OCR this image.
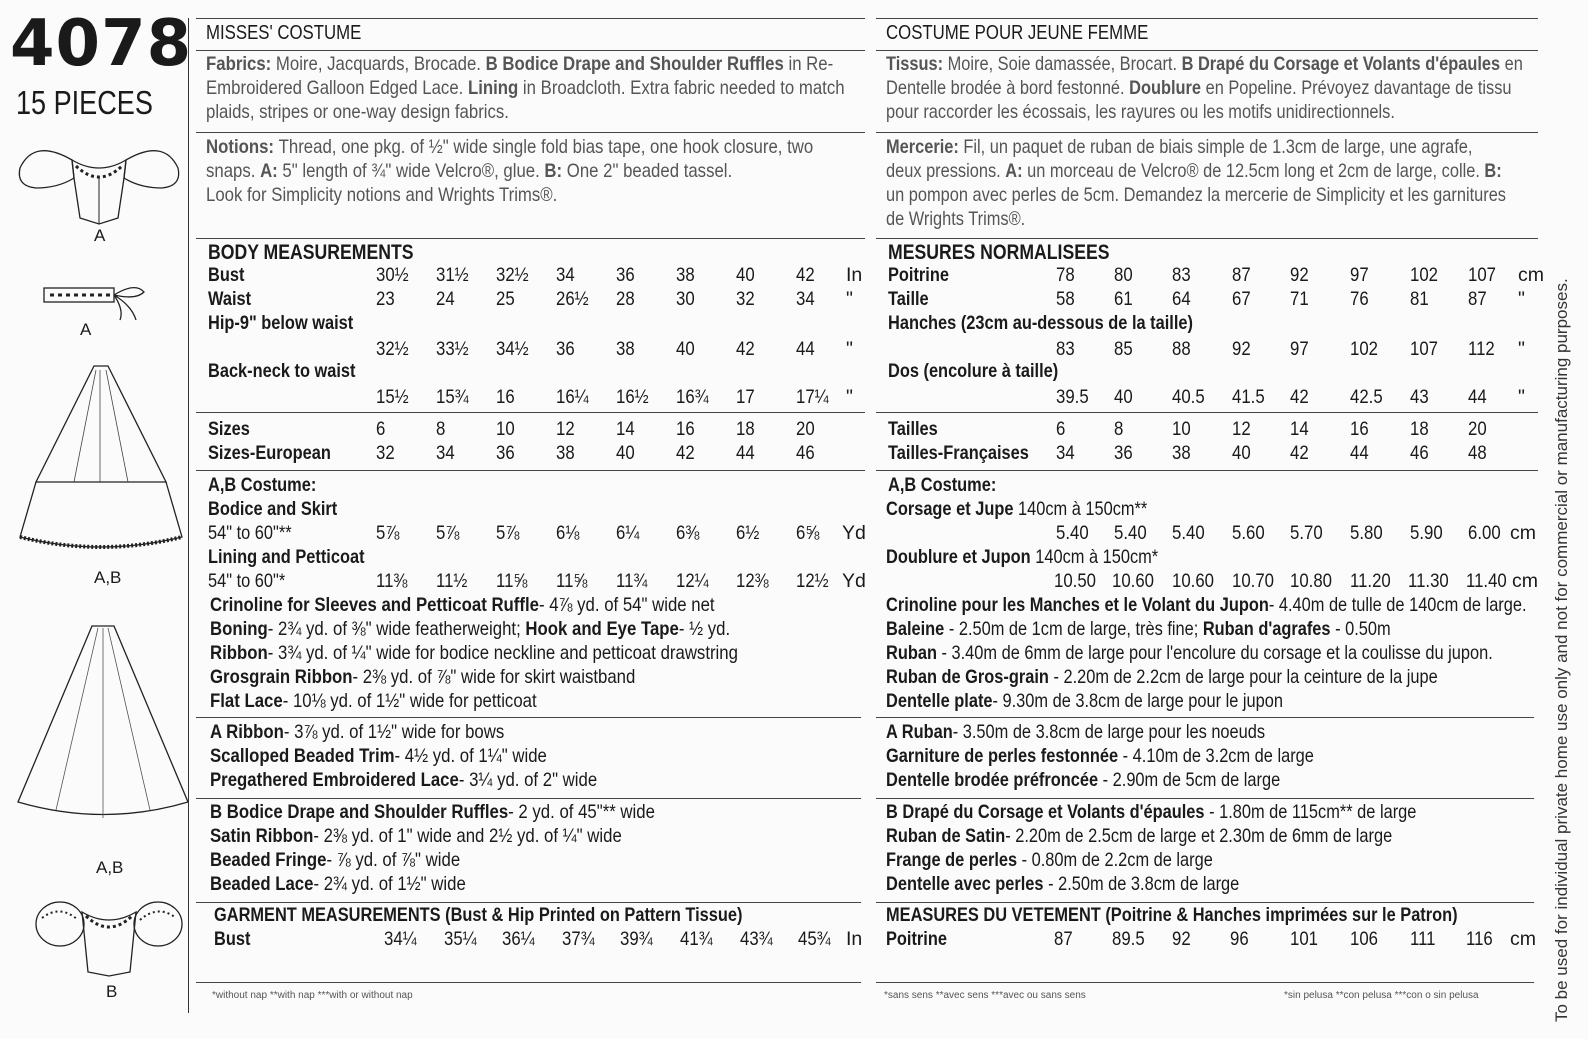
4078
15 PIECES
A
A
A,B
A,B
B
MISSES' COSTUME
Fabrics: Moire, Jacquards, Brocade. B Bodice Drape and Shoulder Ruffles in Re-
Embroidered Galloon Edged Lace. Lining in Broadcloth. Extra fabric needed to match
plaids, stripes or one-way design fabrics.
Notions: Thread, one pkg. of ½" wide single fold bias tape, one hook closure, two
snaps. A: 5" length of ¾" wide Velcro®, glue. B: One 2" beaded tassel.
Look for Simplicity notions and Wrights Trims®.
BODY MEASUREMENTS
Bust	30½ 31½ 32½ 34 36 38 40 42 In
Waist	23 24 25 26½ 28 30 32 34 "
Hip-9" below waist
32½ 33½ 34½ 36 38 40 42 44 "
Back-neck to waist
15½ 15¾ 16 16¼ 16½ 16¾ 17 17¼ "
Sizes	6	8	10 12 14 16 18 20
Sizes-European 32 34 36 38 40 42 44 46
A,B Costume:
Bodice and Skirt
54" to 60"**	5⅞ 5⅞ 5⅞ 6⅛ 6¼ 6⅜ 6½ 6⅝ Yd
Lining and Petticoat
54" to 60"*	11⅜ 11½ 11⅝ 11⅝ 11¾ 12¼ 12⅜ 12½ Yd
Crinoline for Sleeves and Petticoat Ruffle- 4⅞ yd. of 54" wide net
Boning- 2¾ yd. of ⅜" wide featherweight; Hook and Eye Tape- ½ yd.
Ribbon- 3¾ yd. of ¼" wide for bodice neckline and petticoat drawstring
Grosgrain Ribbon- 2⅜ yd. of ⅞" wide for skirt waistband
Flat Lace- 10⅛ yd. of 1½" wide for petticoat
A Ribbon- 3⅞ yd. of 1½" wide for bows
Scalloped Beaded Trim- 4½ yd. of 1¼" wide
Pregathered Embroidered Lace- 3¼ yd. of 2" wide
B Bodice Drape and Shoulder Ruffles- 2 yd. of 45"** wide
Satin Ribbon- 2⅜ yd. of 1" wide and 2½ yd. of ¼" wide
Beaded Fringe- ⅞ yd. of ⅞" wide
Beaded Lace- 2¾ yd. of 1½" wide
GARMENT MEASUREMENTS (Bust & Hip Printed on Pattern Tissue)
Bust	34¼ 35¼ 36¼ 37¾ 39¾ 41¾ 43¾ 45¾ In
*without nap **with nap ***with or without nap
COSTUME POUR JEUNE FEMME
Tissus: Moire, Soie damassée, Brocart. B Drapé du Corsage et Volants d'épaules en
Dentelle brodée à bord festonné. Doublure en Popeline. Prévoyez davantage de tissu
pour raccorder les écossais, les rayures ou les motifs unidirectionnels.
Mercerie: Fil, un paquet de ruban de biais simple de 1.3cm de large, une agrafe,
deux pressions. A: un morceau de Velcro® de 12.5cm long et 2cm de large, colle. B:
un pompon avec perles de 5cm. Demandez la mercerie de Simplicity et les garnitures
de Wrights Trims®.
MESURES NORMALISEES
Poitrine	78 80 83 87 92 97 102 107 cm
Taille	58 61 64 67 71 76 81 87 "
Hanches (23cm au-dessous de la taille)
83 85 88 92 97 102 107 112 "
Dos (encolure à taille)
39.5 40 40.5 41.5 42 42.5 43 44 "
Tailles	6 8 10 12 14 16 18 20
Tailles-Françaises 34 36 38 40 42 44 46 48
A,B Costume:
Corsage et Jupe 140cm à 150cm**
5.40 5.40 5.40 5.60 5.70 5.80 5.90 6.00 cm
Doublure et Jupon 140cm à 150cm*
10.50 10.60 10.60 10.70 10.80 11.20 11.30 11.40 cm
Crinoline pour les Manches et le Volant du Jupon- 4.40m de tulle de 140cm de large.
Baleine - 2.50m de 1cm de large, très fine; Ruban d'agrafes - 0.50m
Ruban - 3.40m de 6mm de large pour l'encolure du corsage et la coulisse du jupon.
Ruban de Gros-grain - 2.20m de 2.2cm de large pour la ceinture de la jupe
Dentelle plate- 9.30m de 3.8cm de large pour le jupon
A Ruban- 3.50m de 3.8cm de large pour les noeuds
Garniture de perles festonnée - 4.10m de 3.2cm de large
Dentelle brodée préfroncée - 2.90m de 5cm de large
B Drapé du Corsage et Volants d'épaules - 1.80m de 115cm** de large
Ruban de Satin- 2.20m de 2.5cm de large et 2.30m de 6mm de large
Frange de perles - 0.80m de 2.2cm de large
Dentelle avec perles - 2.50m de 3.8cm de large
MEASURES DU VETEMENT (Poitrine & Hanches imprimées sur le Patron)
Poitrine	87 89.5 92 96 101 106 111 116 cm
*sans sens **avec sens ***avec ou sans sens	*sin pelusa **con pelusa ***con o sin pelusa	To be used for individual private home use only and not for commercial or manufacturing purposes.
